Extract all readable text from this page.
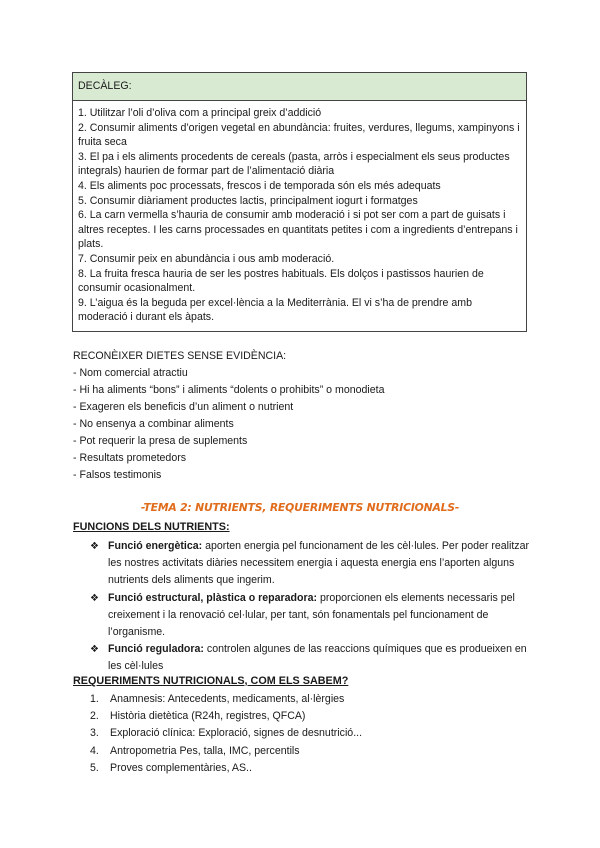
DECÀLEG:
1. Utilitzar l’oli d’oliva com a principal greix d’addició
2. Consumir aliments d’origen vegetal en abundància: fruites, verdures, llegums, xampinyons i fruita seca
3. El pa i els aliments procedents de cereals (pasta, arròs i especialment els seus productes integrals) haurien de formar part de l’alimentació diària
4. Els aliments poc processats, frescos i de temporada són els més adequats
5. Consumir diàriament productes lactis, principalment iogurt i formatges
6. La carn vermella s’hauria de consumir amb moderació i si pot ser com a part de guisats i altres receptes. I les carns processades en quantitats petites i com a ingredients d’entrepans i plats.
7. Consumir peix en abundància i ous amb moderació.
8. La fruita fresca hauria de ser les postres habituals. Els dolços i pastissos haurien de consumir ocasionalment.
9. L’aigua és la beguda per excel·lència a la Mediterrània. El vi s’ha de prendre amb moderació i durant els àpats.
RECONÈIXER DIETES SENSE EVIDÈNCIA:
- Nom comercial atractiu
- Hi ha aliments “bons” i aliments “dolents o prohibits” o monodieta
- Exageren els beneficis d’un aliment o nutrient
- No ensenya a combinar aliments
- Pot requerir la presa de suplements
- Resultats prometedors
- Falsos testimonis
-TEMA 2: NUTRIENTS, REQUERIMENTS NUTRICIONALS-
FUNCIONS DELS NUTRIENTS:
❖ Funció energètica: aporten energia pel funcionament de les cèl·lules. Per poder realitzar les nostres activitats diàries necessitem energia i aquesta energia ens l’aporten alguns nutrients dels aliments que ingerim.
❖ Funció estructural, plàstica o reparadora: proporcionen els elements necessaris pel creixement i la renovació cel·lular, per tant, són fonamentals pel funcionament de l’organisme.
❖ Funció reguladora: controlen algunes de las reaccions químiques que es produeixen en les cèl·lules
REQUERIMENTS NUTRICIONALS, COM ELS SABEM?
1. Anamnesis: Antecedents, medicaments, al·lèrgies
2. Història dietètica (R24h, registres, QFCA)
3. Exploració clínica: Exploració, signes de desnutrició...
4. Antropometria Pes, talla, IMC, percentils
5. Proves complementàries, AS..
